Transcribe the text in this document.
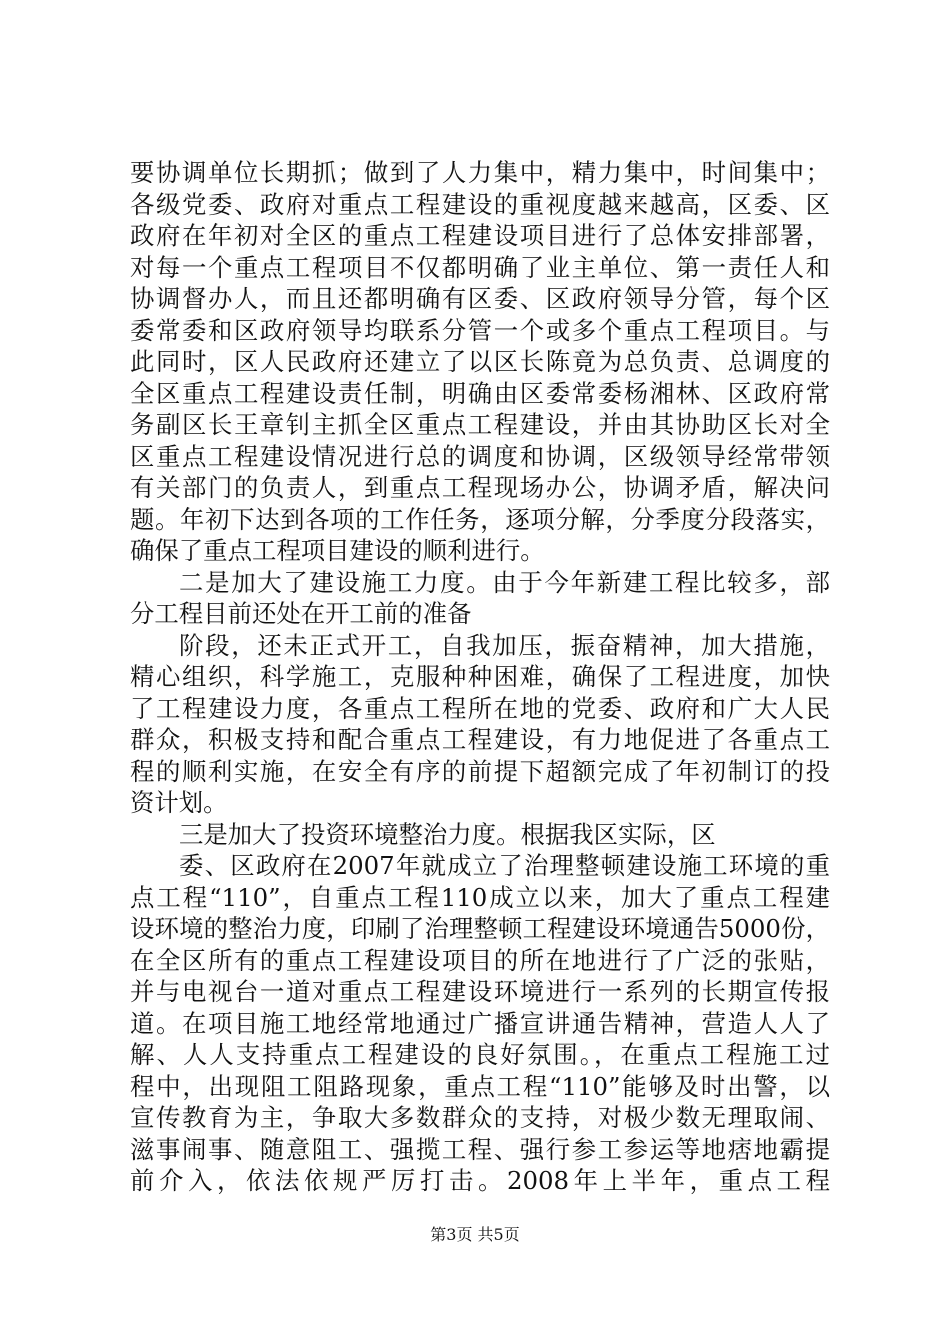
要协调单位长期抓；做到了人力集中，精力集中，时间集中；
各级党委、政府对重点工程建设的重视度越来越高，区委、区
政府在年初对全区的重点工程建设项目进行了总体安排部署，
对每一个重点工程项目不仅都明确了业主单位、第一责任人和
协调督办人，而且还都明确有区委、区政府领导分管，每个区
委常委和区政府领导均联系分管一个或多个重点工程项目。与
此同时，区人民政府还建立了以区长陈竟为总负责、总调度的
全区重点工程建设责任制，明确由区委常委杨湘林、区政府常
务副区长王章钊主抓全区重点工程建设，并由其协助区长对全
区重点工程建设情况进行总的调度和协调，区级领导经常带领
有关部门的负责人，到重点工程现场办公，协调矛盾，解决问
题。年初下达到各项的工作任务，逐项分解，分季度分段落实，
确保了重点工程项目建设的顺利进行。
二是加大了建设施工力度。由于今年新建工程比较多，部
分工程目前还处在开工前的准备
阶段，还未正式开工，自我加压，振奋精神，加大措施，
精心组织，科学施工，克服种种困难，确保了工程进度，加快
了工程建设力度，各重点工程所在地的党委、政府和广大人民
群众，积极支持和配合重点工程建设，有力地促进了各重点工
程的顺利实施，在安全有序的前提下超额完成了年初制订的投
资计划。
三是加大了投资环境整治力度。根据我区实际，区
委、区政府在2007年就成立了治理整顿建设施工环境的重
点工程“110”，自重点工程110成立以来，加大了重点工程建
设环境的整治力度，印刷了治理整顿工程建设环境通告5000份，
在全区所有的重点工程建设项目的所在地进行了广泛的张贴，
并与电视台一道对重点工程建设环境进行一系列的长期宣传报
道。在项目施工地经常地通过广播宣讲通告精神，营造人人了
解、人人支持重点工程建设的良好氛围。，在重点工程施工过
程中，出现阻工阻路现象，重点工程“110”能够及时出警，以
宣传教育为主，争取大多数群众的支持，对极少数无理取闹、
滋事闹事、随意阻工、强揽工程、强行参工参运等地痞地霸提
前介入，依法依规严厉打击。2008年上半年，重点工程
第3页 共5页
